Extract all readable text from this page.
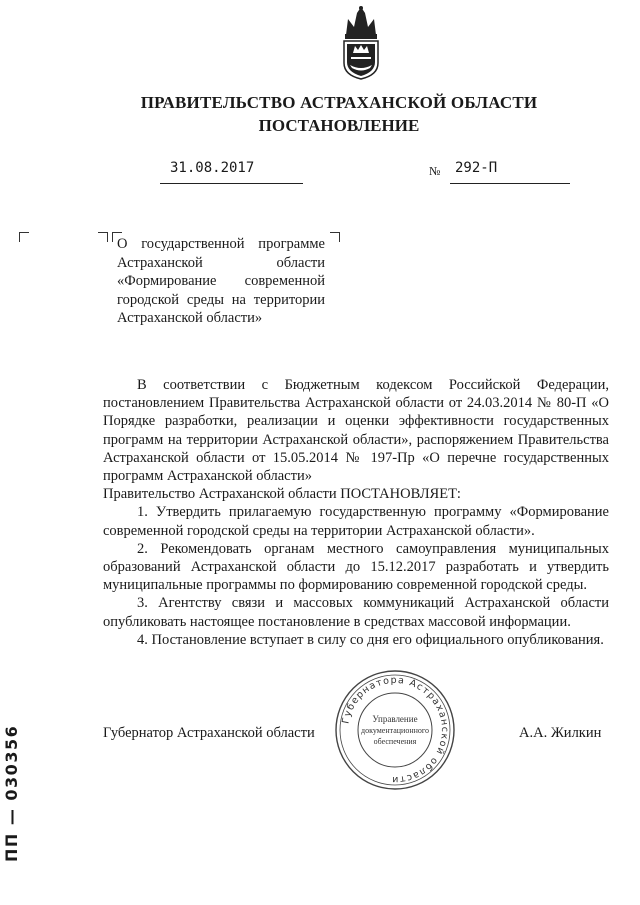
ПРАВИТЕЛЬСТВО АСТРАХАНСКОЙ ОБЛАСТИ
ПОСТАНОВЛЕНИЕ
31.08.2017	№ 292-П
О государственной программе Астраханской области «Формирование современной городской среды на территории Астраханской области»

В соответствии с Бюджетным кодексом Российской Федерации, постановлением Правительства Астраханской области от 24.03.2014 № 80-П «О Порядке разработки, реализации и оценки эффективности государственных программ на территории Астраханской области», распоряжением Правительства Астраханской области от 15.05.2014 № 197-Пр «О перечне государственных программ Астраханской области»

Правительство Астраханской области ПОСТАНОВЛЯЕТ:

1. Утвердить прилагаемую государственную программу «Формирование современной городской среды на территории Астраханской области».

2. Рекомендовать органам местного самоуправления муниципальных образований Астраханской области до 15.12.2017 разработать и утвердить муниципальные программы по формированию современной городской среды.

3. Агентству связи и массовых коммуникаций Астраханской области опубликовать настоящее постановление в средствах массовой информации.

4. Постановление вступает в силу со дня его официального опубликования.

Губернатора Астраханской области
Управление
документационного
обеспечения
Губернатор Астраханской области	А.А. Жилкин
ПП — 030356
